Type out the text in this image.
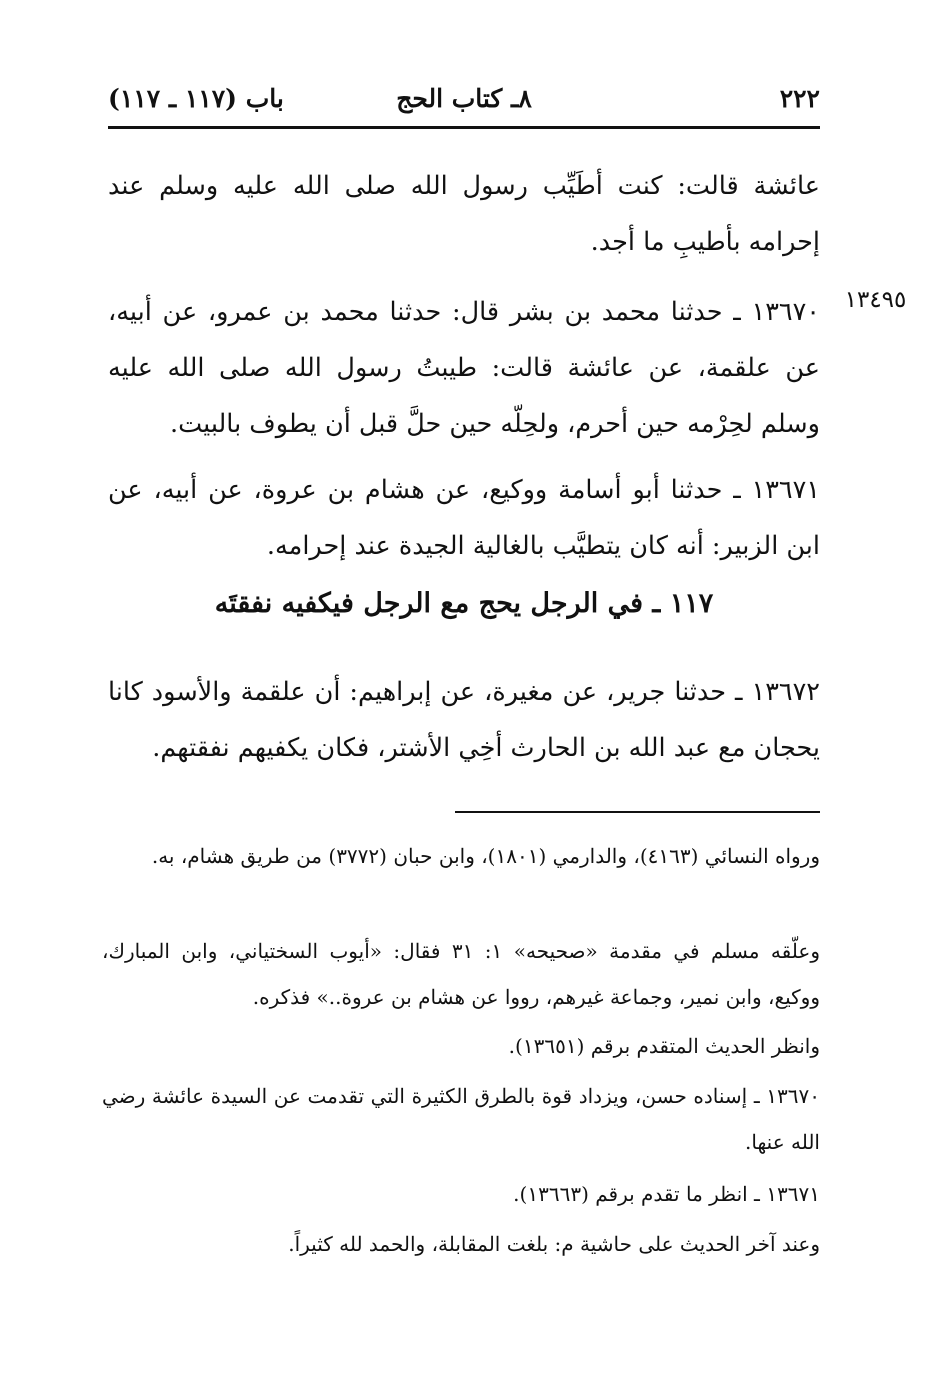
٢٢٢
٨ـ كتاب الحج
باب (١١٧ ـ ١١٧)
عائشة قالت: كنت أطَيِّب رسول الله صلى الله عليه وسلم عند إحرامه بأطيبِ ما أجد.
١٣٤٩٥
١٣٦٧٠ ـ حدثنا محمد بن بشر قال: حدثنا محمد بن عمرو، عن أبيه، عن علقمة، عن عائشة قالت: طيبتُ رسول الله صلى الله عليه وسلم لحِرْمه حين أحرم، ولحِلّه حين حلَّ قبل أن يطوف بالبيت.
١٣٦٧١ ـ حدثنا أبو أسامة ووكيع، عن هشام بن عروة، عن أبيه، عن ابن الزبير: أنه كان يتطيَّب بالغالية الجيدة عند إحرامه.
١١٧ ـ في الرجل يحج مع الرجل فيكفيه نفقتَه
١٣٦٧٢ ـ حدثنا جرير، عن مغيرة، عن إبراهيم: أن علقمة والأسود كانا يحجان مع عبد الله بن الحارث أخِي الأشتر، فكان يكفيهم نفقتهم.
ورواه النسائي (٤١٦٣)، والدارمي (١٨٠١)، وابن حبان (٣٧٧٢) من طريق هشام، به.
وعلّقه مسلم في مقدمة «صحيحه» ١: ٣١ فقال: «أيوب السختياني، وابن المبارك، ووكيع، وابن نمير، وجماعة غيرهم، رووا عن هشام بن عروة..» فذكره.
وانظر الحديث المتقدم برقم (١٣٦٥١).
١٣٦٧٠ ـ إسناده حسن، ويزداد قوة بالطرق الكثيرة التي تقدمت عن السيدة عائشة رضي الله عنها.
١٣٦٧١ ـ انظر ما تقدم برقم (١٣٦٦٣).
وعند آخر الحديث على حاشية م: بلغت المقابلة، والحمد لله كثيراً.
